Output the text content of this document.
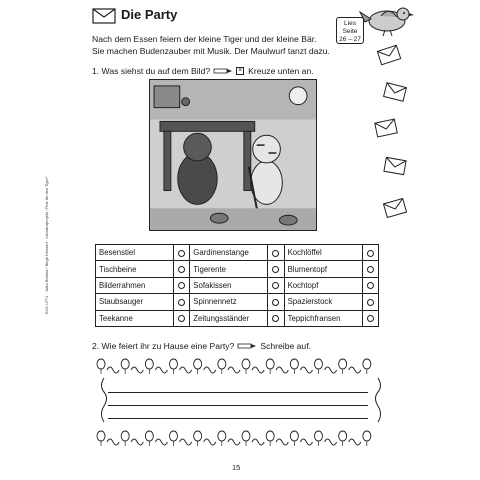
Die Party
Lies
Seite
26 – 27

Nach dem Essen feiern der kleine Tiger und der kleine Bär.

Sie machen Budenzauber mit Musik. Der Maulwurf tanzt dazu.

1. Was siehst du auf dem Bild?	× Kreuze unten an.
Besenstiel		Gardinenstange		Kochlöffel	
Tischbeine		Tigerente		Blumentopf	
Bilderrahmen		Sofakissen		Kochtopf	
Staubsauger		Spinnennetz		Spazierstock	
Teekanne		Zeitungsständer		Teppichfransen	
2. Wie feiert ihr zu Hause eine Party?	Schreibe auf.
BVK LP71 · Jutta Bettina / Birgit Gessert · Literaturprojekt „Post für den Tiger"
15
